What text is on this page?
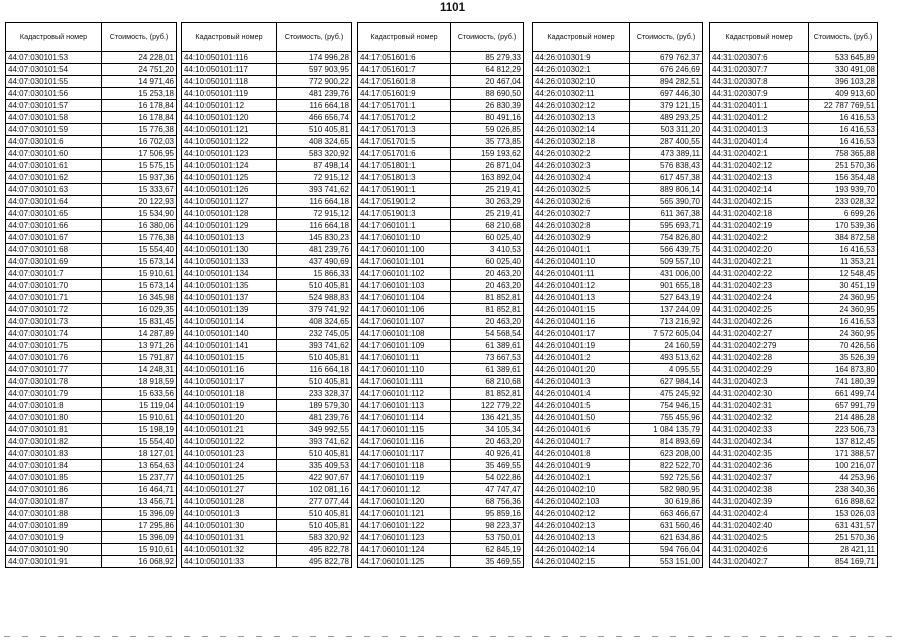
1101
Кадастровый номер	Стоимость, (руб.)
44:07:030101:53	24 228,01
44:07:030101:54	24 751,20
44:07:030101:55	14 971,46
44:07:030101:56	15 253,18
44:07:030101:57	16 178,84
44:07:030101:58	16 178,84
44:07:030101:59	15 776,38
44:07:030101:6	16 702,03
44:07:030101:60	17 506,95
44:07:030101:61	15 575,15
44:07:030101:62	15 937,36
44:07:030101:63	15 333,67
44:07:030101:64	20 122,93
44:07:030101:65	15 534,90
44:07:030101:66	16 380,06
44:07:030101:67	15 776,38
44:07:030101:68	15 554,40
44:07:030101:69	15 673,14
44:07:030101:7	15 910,61
44:07:030101:70	15 673,14
44:07:030101:71	16 345,98
44:07:030101:72	16 029,35
44:07:030101:73	15 831,45
44:07:030101:74	14 287,89
44:07:030101:75	13 971,26
44:07:030101:76	15 791,87
44:07:030101:77	14 248,31
44:07:030101:78	18 918,59
44:07:030101:79	15 633,56
44:07:030101:8	15 119,04
44:07:030101:80	15 910,61
44:07:030101:81	15 198,19
44:07:030101:82	15 554,40
44:07:030101:83	18 127,01
44:07:030101:84	13 654,63
44:07:030101:85	15 237,77
44:07:030101:86	16 464,71
44:07:030101:87	13 456,71
44:07:030101:88	15 396,09
44:07:030101:89	17 295,86
44:07:030101:9	15 396,09
44:07:030101:90	15 910,61
44:07:030101:91	16 068,92
Кадастровый номер	Стоимость, (руб.)
44:10:050101:116	174 996,28
44:10:050101:117	597 903,95
44:10:050101:118	772 900,22
44:10:050101:119	481 239,76
44:10:050101:12	116 664,18
44:10:050101:120	466 656,74
44:10:050101:121	510 405,81
44:10:050101:122	408 324,65
44:10:050101:123	583 320,92
44:10:050101:124	87 498,14
44:10:050101:125	72 915,12
44:10:050101:126	393 741,62
44:10:050101:127	116 664,18
44:10:050101:128	72 915,12
44:10:050101:129	116 664,18
44:10:050101:13	145 830,23
44:10:050101:130	481 239,76
44:10:050101:133	437 490,69
44:10:050101:134	15 866,33
44:10:050101:135	510 405,81
44:10:050101:137	524 988,83
44:10:050101:139	379 741,92
44:10:050101:14	408 324,65
44:10:050101:140	232 745,05
44:10:050101:141	393 741,62
44:10:050101:15	510 405,81
44:10:050101:16	116 664,18
44:10:050101:17	510 405,81
44:10:050101:18	233 328,37
44:10:050101:19	189 579,30
44:10:050101:20	481 239,76
44:10:050101:21	349 992,55
44:10:050101:22	393 741,62
44:10:050101:23	510 405,81
44:10:050101:24	335 409,53
44:10:050101:25	422 907,67
44:10:050101:27	102 081,16
44:10:050101:28	277 077,44
44:10:050101:3	510 405,81
44:10:050101:30	510 405,81
44:10:050101:31	583 320,92
44:10:050101:32	495 822,78
44:10:050101:33	495 822,78
Кадастровый номер	Стоимость, (руб.)
44:17:051601:6	85 279,33
44:17:051601:7	64 812,29
44:17:051601:8	20 467,04
44:17:051601:9	88 690,50
44:17:051701:1	26 830,39
44:17:051701:2	80 491,16
44:17:051701:3	59 026,85
44:17:051701:5	35 773,85
44:17:051701:6	159 193,62
44:17:051801:1	26 871,04
44:17:051801:3	163 892,04
44:17:051901:1	25 219,41
44:17:051901:2	30 263,29
44:17:051901:3	25 219,41
44:17:060101:1	68 210,68
44:17:060101:10	60 025,40
44:17:060101:100	3 410,53
44:17:060101:101	60 025,40
44:17:060101:102	20 463,20
44:17:060101:103	20 463,20
44:17:060101:104	81 852,81
44:17:060101:106	81 852,81
44:17:060101:107	20 463,20
44:17:060101:108	54 568,54
44:17:060101:109	61 389,61
44:17:060101:11	73 667,53
44:17:060101:110	61 389,61
44:17:060101:111	68 210,68
44:17:060101:112	81 852,81
44:17:060101:113	122 779,22
44:17:060101:114	136 421,35
44:17:060101:115	34 105,34
44:17:060101:116	20 463,20
44:17:060101:117	40 926,41
44:17:060101:118	35 469,55
44:17:060101:119	54 022,86
44:17:060101:12	47 747,47
44:17:060101:120	68 756,36
44:17:060101:121	95 859,16
44:17:060101:122	98 223,37
44:17:060101:123	53 750,01
44:17:060101:124	62 845,19
44:17:060101:125	35 469,55
Кадастровый номер	Стоимость, (руб.)
44:26:010301:9	679 762,37
44:26:010302:1	676 246,69
44:26:010302:10	894 282,51
44:26:010302:11	697 446,30
44:26:010302:12	379 121,15
44:26:010302:13	489 293,25
44:26:010302:14	503 311,20
44:26:010302:18	287 400,55
44:26:010302:2	473 389,11
44:26:010302:3	576 838,43
44:26:010302:4	617 457,38
44:26:010302:5	889 806,14
44:26:010302:6	565 390,70
44:26:010302:7	611 367,38
44:26:010302:8	595 693,71
44:26:010302:9	754 826,80
44:26:010401:1	566 439,75
44:26:010401:10	509 557,10
44:26:010401:11	431 006,00
44:26:010401:12	901 655,18
44:26:010401:13	527 643,19
44:26:010401:15	137 244,09
44:26:010401:16	713 216,92
44:26:010401:17	7 572 605,04
44:26:010401:19	24 160,59
44:26:010401:2	493 513,62
44:26:010401:20	4 095,55
44:26:010401:3	627 984,14
44:26:010401:4	475 245,92
44:26:010401:5	754 946,15
44:26:010401:50	755 455,96
44:26:010401:6	1 084 135,79
44:26:010401:7	814 893,69
44:26:010401:8	623 208,00
44:26:010401:9	822 522,70
44:26:010402:1	592 725,56
44:26:010402:10	582 980,95
44:26:010402:103	30 619,86
44:26:010402:12	663 466,67
44:26:010402:13	631 560,46
44:26:010402:13	621 634,86
44:26:010402:14	594 766,04
44:26:010402:15	553 151,00
Кадастровый номер	Стоимость, (руб.)
44:31:020307:6	533 645,89
44:31:020307:7	330 491,08
44:31:020307:8	396 103,28
44:31:020307:9	409 913,60
44:31:020401:1	22 787 769,51
44:31:020401:2	16 416,53
44:31:020401:3	16 416,53
44:31:020401:4	16 416,53
44:31:020402:1	758 365,88
44:31:020402:12	251 570,36
44:31:020402:13	156 354,48
44:31:020402:14	193 939,70
44:31:020402:15	233 028,32
44:31:020402:18	6 699,26
44:31:020402:19	170 539,36
44:31:020402:2	384 872,58
44:31:020402:20	16 416,53
44:31:020402:21	11 353,21
44:31:020402:22	12 548,45
44:31:020402:23	30 451,19
44:31:020402:24	24 360,95
44:31:020402:25	24 360,95
44:31:020402:26	16 416,53
44:31:020402:27	24 360,95
44:31:020402:279	70 426,56
44:31:020402:28	35 526,39
44:31:020402:29	164 873,80
44:31:020402:3	741 180,39
44:31:020402:30	661 499,74
44:31:020402:31	657 991,79
44:31:020402:32	214 486,28
44:31:020402:33	223 506,73
44:31:020402:34	137 812,45
44:31:020402:35	171 388,57
44:31:020402:36	100 216,07
44:31:020402:37	44 253,96
44:31:020402:38	238 340,36
44:31:020402:39	616 898,62
44:31:020402:4	153 026,03
44:31:020402:40	631 431,57
44:31:020402:5	251 570,36
44:31:020402:6	28 421,11
44:31:020402:7	854 169,71
